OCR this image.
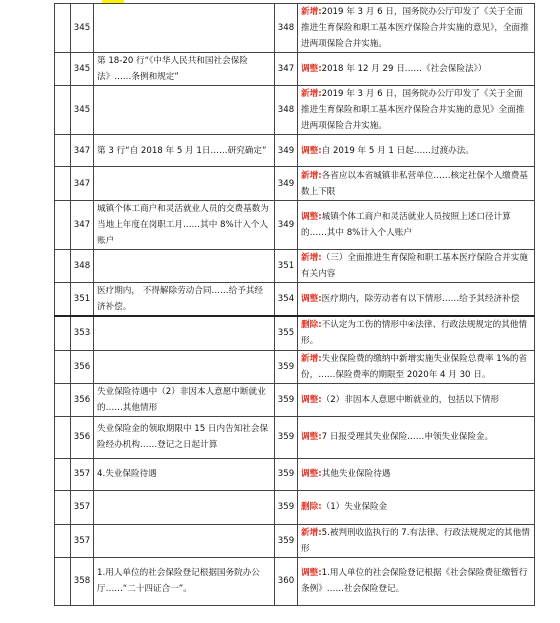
	345		348	新增:2019 年 3 月 6 日，国务院办公厅印发了《关于全面推进生育保险和职工基本医疗保险合并实施的意见》，全面推进两项保险合并实施。
	345	第 18-20 行“《中华人民共和国社会保险法》……条例和规定”	347	调整:2018 年 12 月 29 日……《社会保险法》）
	345		348	新增:2019 年 3 月 6 日，国务院办公厅印发了《关于全面推进生育保险和职工基本医疗保险合并实施的意见》全面推进两项保险合并实施。
	347	第 3 行“自 2018 年 5 月 1日……研究确定”	349	调整:自 2019 年 5 月 1 日起……过渡办法。
	347		349	新增:各省应以本省城镇非私营单位……核定社保个人缴费基数上下限
	347	城镇个体工商户和灵活就业人员的交费基数为当地上年度在岗职工月……其中 8%计入个人账户	349	调整:城镇个体工商户和灵活就业人员按照上述口径计算的……其中 8%计入个人账户
	348		351	新增:（三）全面推进生育保险和职工基本医疗保险合并实施有关内容
	351	医疗期内， 不得解除劳动合同……给予其经济补偿。	354	调整:医疗期内，除劳动者有以下情形……给予其经济补偿
	353		355	删除:不认定为工伤的情形中④法律、行政法规规定的其他情形。
	356		359	新增:失业保险费的缴纳中新增实施失业保险总费率 1%的省份，……保险费率的期限至 2020年 4 月 30 日。
	356	失业保险待遇中（2）非因本人意愿中断就业的……其他情形	359	调整:（2）非因本人意愿中断就业的，包括以下情形
	356	失业保险金的领取期限中 15 日内告知社会保险经办机构……登记之日起计算	359	调整:7 日报受理其失业保险……申领失业保险金。
	357	4.失业保险待遇	359	调整:其他失业保险待遇
	357		359	删除:（1）失业保险金
	357		359	新增:5.被判刑收监执行的 7.有法律、行政法规规定的其他情形
	358	1.用人单位的社会保险登记根据国务院办公厅……“二十四证合一”。	360	调整:1.用人单位的社会保险登记根据《社会保险费征缴暂行条例》……社会保险登记。
